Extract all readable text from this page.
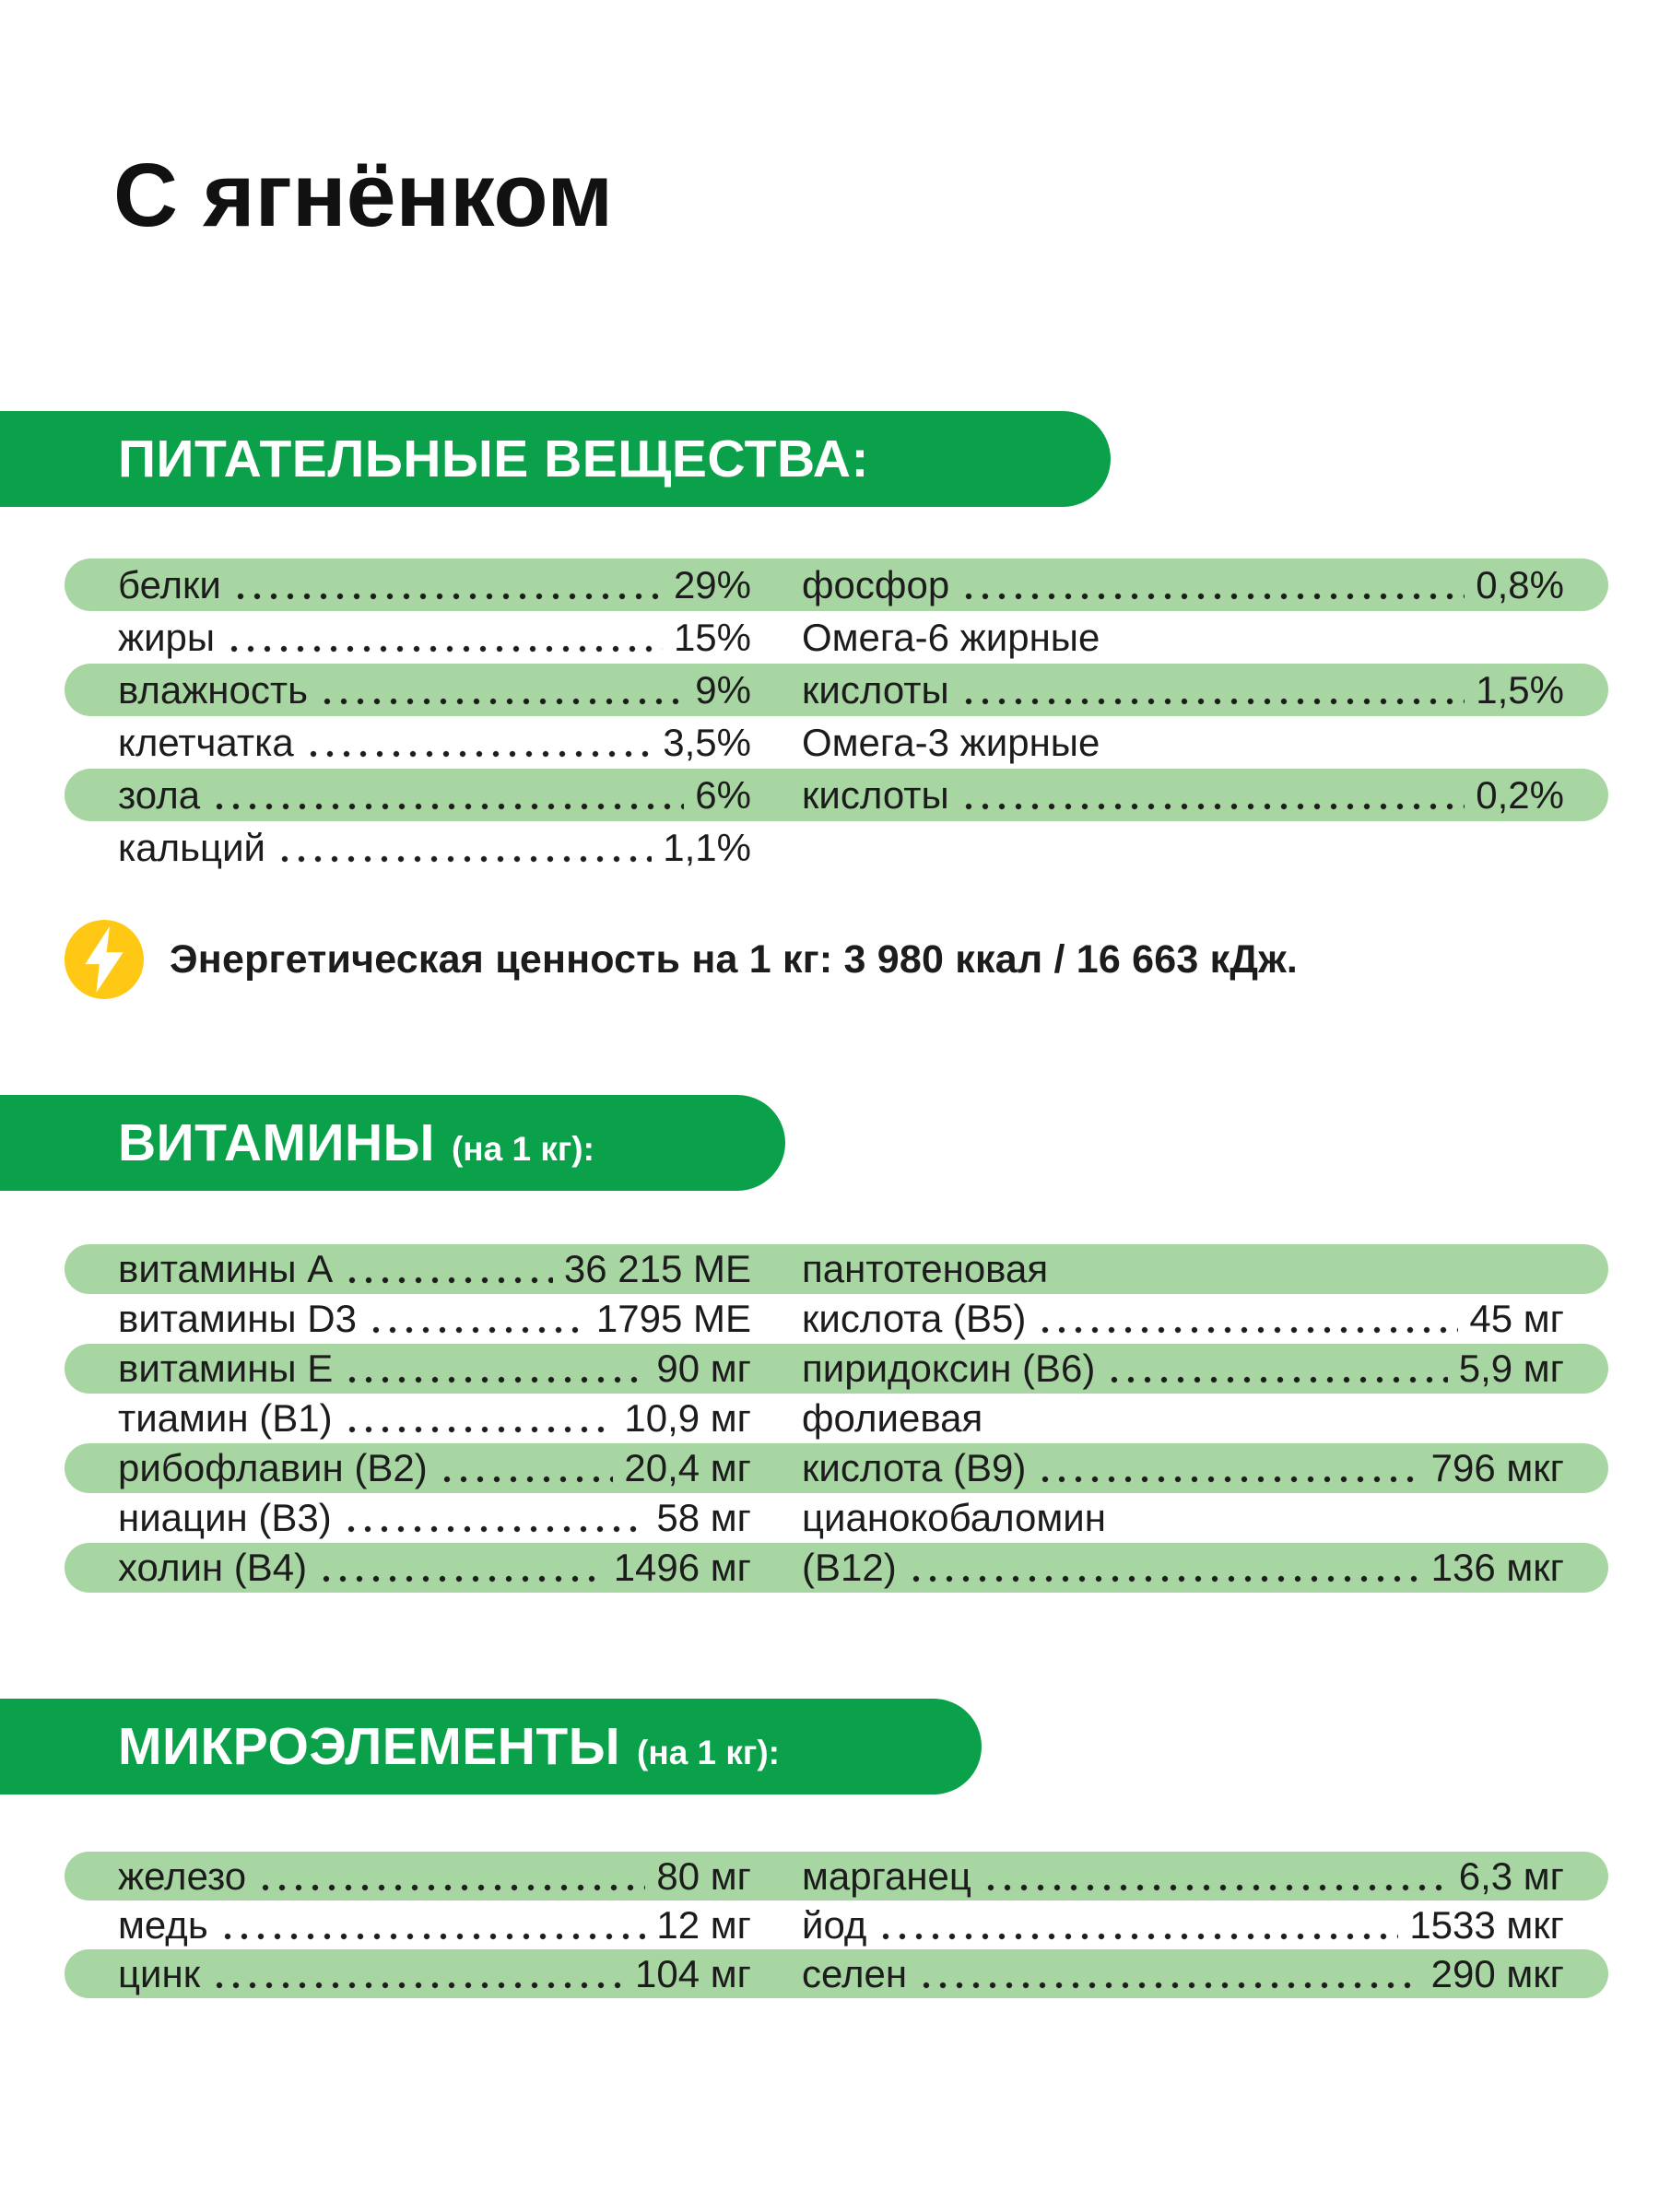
С ягнёнком
ПИТАТЕЛЬНЫЕ ВЕЩЕСТВА:
белки	29% фосфор	0,8%
жиры	15% Омега-6 жирные
влажность	9% кислоты	1,5%
клетчатка	3,5% Омега-3 жирные
зола	6% кислоты	0,2%
кальций	1,1%
Энергетическая ценность на 1 кг: 3 980 ккал / 16 663 кДж.
ВИТАМИНЫ (на 1 кг):
витамины A	36 215 МЕ пантотеновая
витамины D3	1795 МЕ кислота (B5)	45 мг
витамины E	90 мг пиридоксин (B6)	5,9 мг
тиамин (B1)	10,9 мг фолиевая
рибофлавин (B2)	20,4 мг кислота (B9)	796 мкг
ниацин (B3)	58 мг цианокобаломин
холин (B4)	1496 мг (B12)	136 мкг
МИКРОЭЛЕМЕНТЫ (на 1 кг):
железо	80 мг марганец	6,3 мг
медь	12 мг йод	1533 мкг
цинк	104 мг селен	290 мкг
